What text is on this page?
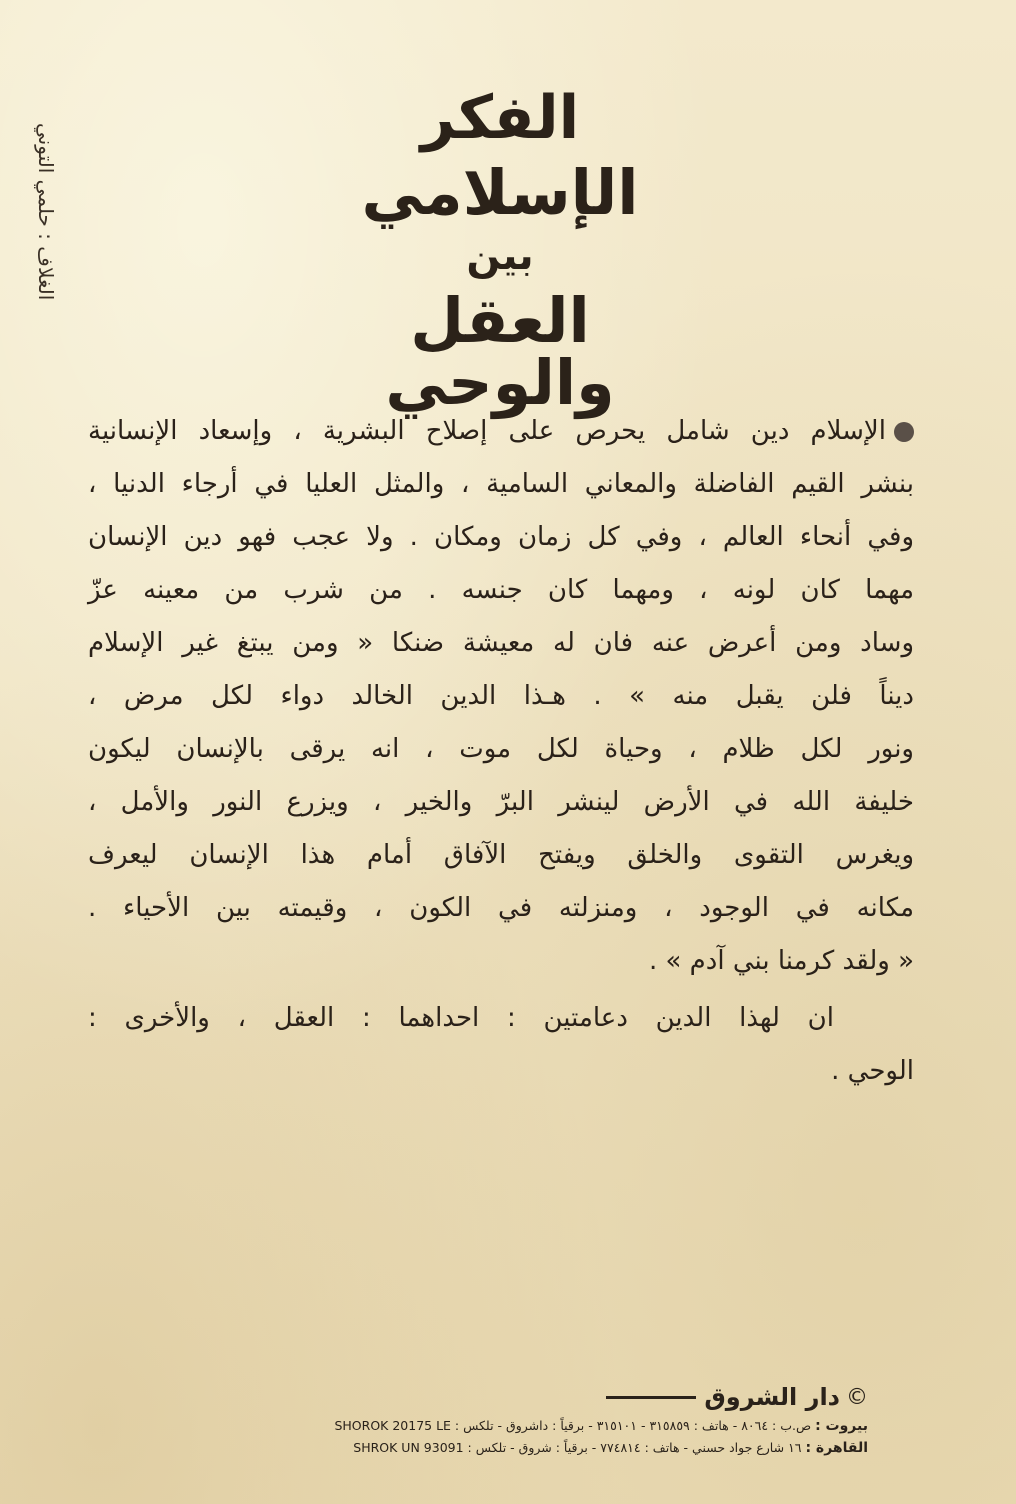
الغلاف : حلمي التوني
الفكر
الإسلامي
بين
العقل والوحي
الإسلام دين شامل يحرص على إصلاح البشرية ، وإسعاد الإنسانية
بنشر القيم الفاضلة والمعاني السامية ، والمثل العليا في أرجاء الدنيا ،
وفي أنحاء العالم ، وفي كل زمان ومكان . ولا عجب فهو دين الإنسان
مهما كان لونه ، ومهما كان جنسه . من شرب من معينه عزّ
وساد ومن أعرض عنه فان له معيشة ضنكا « ومن يبتغ غير الإسلام
ديناً فلن يقبل منه » . هـذا الدين الخالد دواء لكل مرض ،
ونور لكل ظلام ، وحياة لكل موت ، انه يرقى بالإنسان ليكون
خليفة الله في الأرض لينشر البرّ والخير ، ويزرع النور والأمل ،
ويغرس التقوى والخلق ويفتح الآفاق أمام هذا الإنسان ليعرف
مكانه في الوجود ، ومنزلته في الكون ، وقيمته بين الأحياء .
« ولقد كرمنا بني آدم » .
ان لهذا الدين دعامتين : احداهما : العقل ، والأخرى :
الوحي .
©
دار الشروق
بيروت : ص.ب : ٨٠٦٤ - هاتف : ٣١٥٨٥٩ - ٣١٥١٠١ - برقياً : داشروق - تلكس : SHOROK 20175 LE
القاهرة : ١٦ شارع جواد حسني - هاتف : ٧٧٤٨١٤ - برقياً : شروق - تلكس : 93091 SHROK UN
